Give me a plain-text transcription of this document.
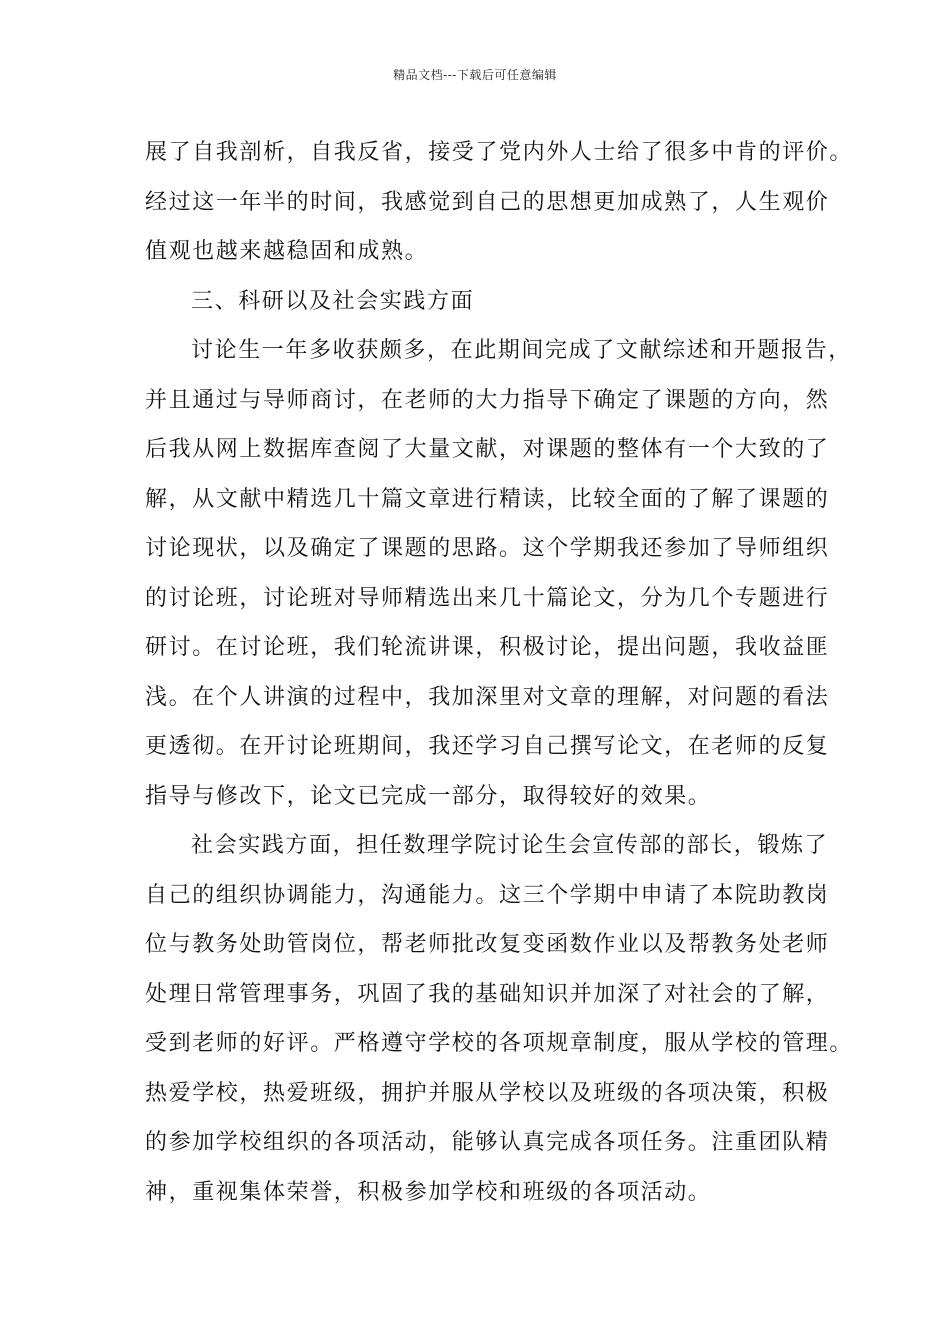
精品文档---下载后可任意编辑
展了自我剖析，自我反省，接受了党内外人士给了很多中肯的评价。
经过这一年半的时间，我感觉到自己的思想更加成熟了，人生观价
值观也越来越稳固和成熟。
三、科研以及社会实践方面
讨论生一年多收获颇多，在此期间完成了文献综述和开题报告，
并且通过与导师商讨，在老师的大力指导下确定了课题的方向，然
后我从网上数据库查阅了大量文献，对课题的整体有一个大致的了
解，从文献中精选几十篇文章进行精读，比较全面的了解了课题的
讨论现状，以及确定了课题的思路。这个学期我还参加了导师组织
的讨论班，讨论班对导师精选出来几十篇论文，分为几个专题进行
研讨。在讨论班，我们轮流讲课，积极讨论，提出问题，我收益匪
浅。在个人讲演的过程中，我加深里对文章的理解，对问题的看法
更透彻。在开讨论班期间，我还学习自己撰写论文，在老师的反复
指导与修改下，论文已完成一部分，取得较好的效果。
社会实践方面，担任数理学院讨论生会宣传部的部长，锻炼了
自己的组织协调能力，沟通能力。这三个学期中申请了本院助教岗
位与教务处助管岗位，帮老师批改复变函数作业以及帮教务处老师
处理日常管理事务，巩固了我的基础知识并加深了对社会的了解，
受到老师的好评。严格遵守学校的各项规章制度，服从学校的管理。
热爱学校，热爱班级，拥护并服从学校以及班级的各项决策，积极
的参加学校组织的各项活动，能够认真完成各项任务。注重团队精
神，重视集体荣誉，积极参加学校和班级的各项活动。
